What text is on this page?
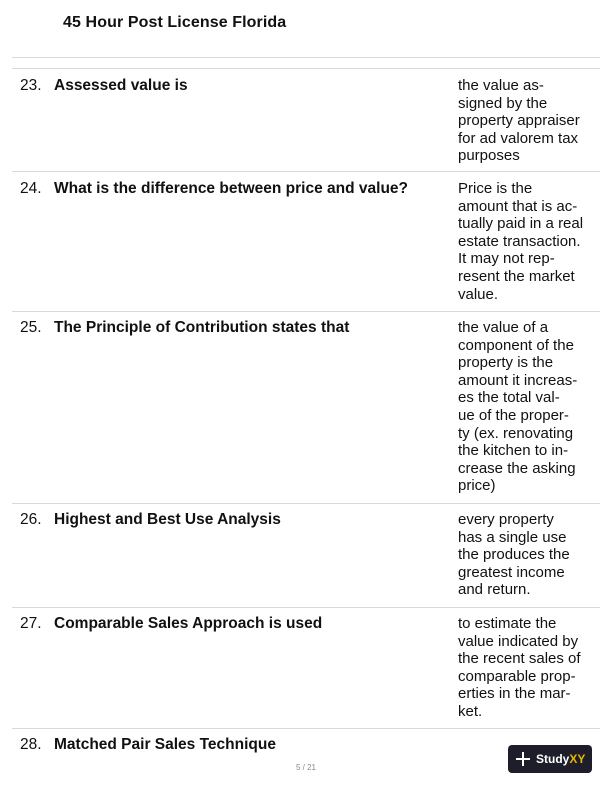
45 Hour Post License Florida
23. Assessed value is	the value as-
signed by the
property appraiser
for ad valorem tax
purposes
24. What is the difference between price and value?	Price is the
amount that is ac-
tually paid in a real
estate transaction.
It may not rep-
resent the market
value.
25. The Principle of Contribution states that	the value of a
component of the
property is the
amount it increas-
es the total val-
ue of the proper-
ty (ex. renovating
the kitchen to in-
crease the asking
price)
26. Highest and Best Use Analysis	every property
has a single use
the produces the
greatest income
and return.
27. Comparable Sales Approach is used	to estimate the
value indicated by
the recent sales of
comparable prop-
erties in the mar-
ket.
28. Matched Pair Sales Technique
5 / 21
StudyXY
